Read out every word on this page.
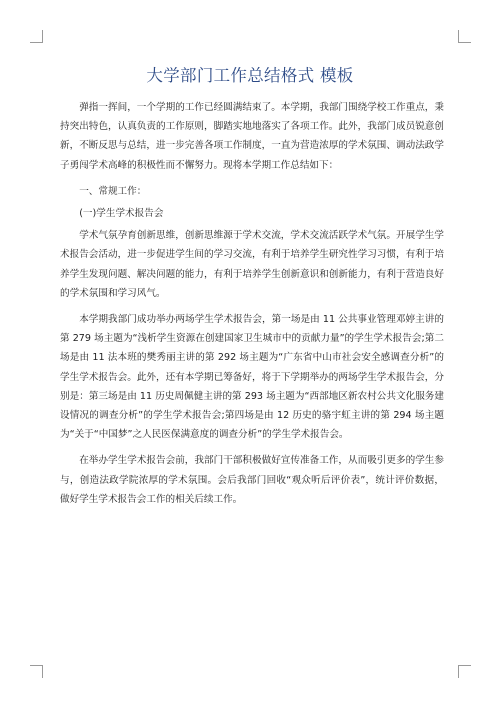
大学部门工作总结格式 模板

弹指一挥间，一个学期的工作已经圆满结束了。本学期，我部门围绕学校工作重点，秉持突出特色，认真负责的工作原则，脚踏实地地落实了各项工作。此外，我部门成员锐意创新，不断反思与总结，进一步完善各项工作制度，一直为营造浓厚的学术氛围、调动法政学子勇闯学术高峰的积极性而不懈努力。现将本学期工作总结如下：

一、常规工作：

(一)学生学术报告会

学术气氛孕育创新思维，创新思维源于学术交流，学术交流活跃学术气氛。开展学生学术报告会活动，进一步促进学生间的学习交流，有利于培养学生研究性学习习惯，有利于培养学生发现问题、解决问题的能力，有利于培养学生创新意识和创新能力，有利于营造良好的学术氛围和学习风气。

本学期我部门成功举办两场学生学术报告会，第一场是由 11 公共事业管理邓婷主讲的第 279 场主题为“浅析学生资源在创建国家卫生城市中的贡献力量”的学生学术报告会;第二场是由 11 法本班的樊秀丽主讲的第 292 场主题为“广东省中山市社会安全感调查分析”的学生学术报告会。此外，还有本学期已筹备好，将于下学期举办的两场学生学术报告会，分别是：第三场是由 11 历史周佩健主讲的第 293 场主题为“西部地区新农村公共文化服务建设情况的调查分析”的学生学术报告会;第四场是由 12 历史的骆宇虹主讲的第 294 场主题为“关于“中国梦”之人民医保满意度的调查分析”的学生学术报告会。

在举办学生学术报告会前，我部门干部积极做好宣传准备工作，从而吸引更多的学生参与，创造法政学院浓厚的学术氛围。会后我部门回收“观众听后评价表”，统计评价数据，做好学生学术报告会工作的相关后续工作。
